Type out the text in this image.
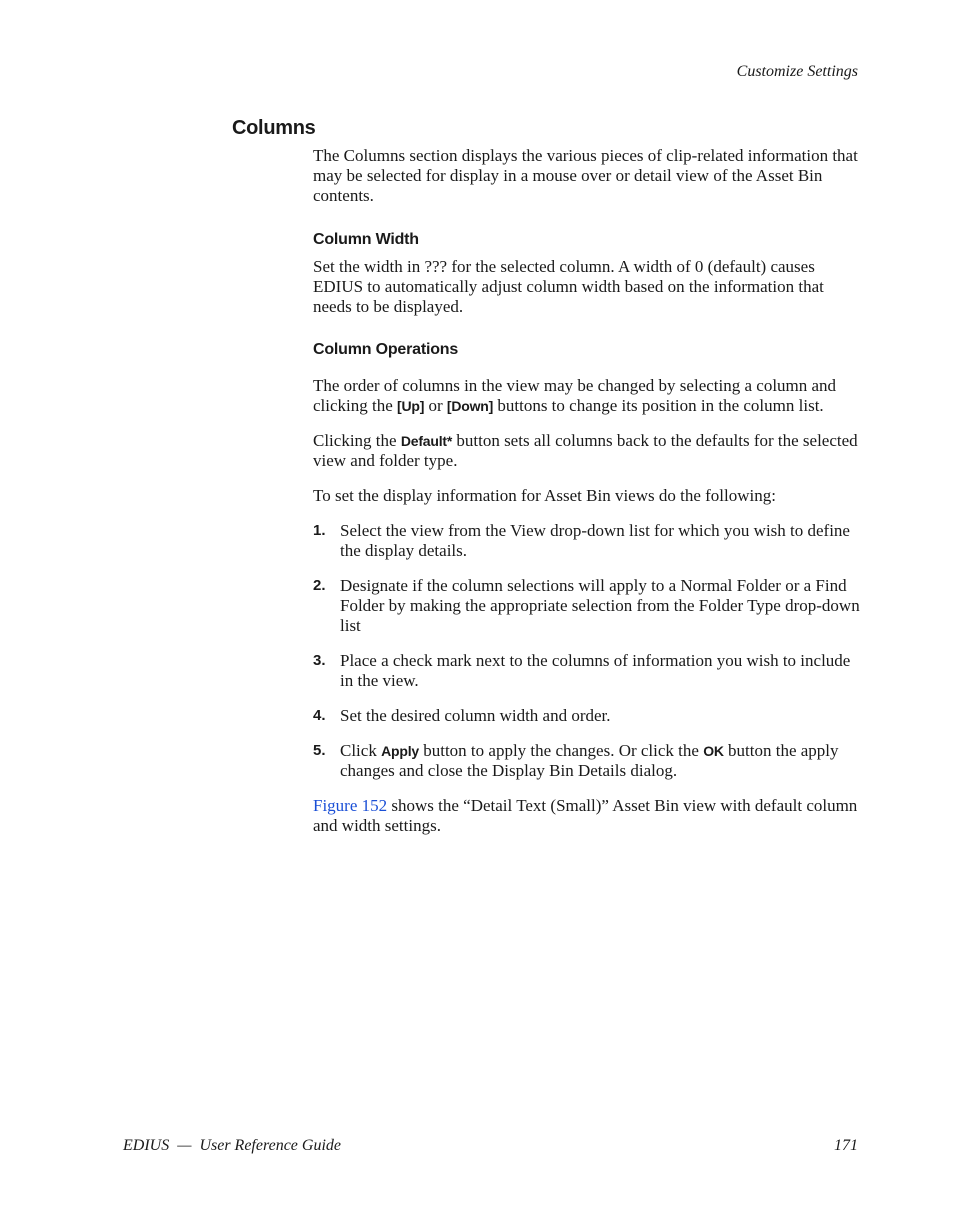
Customize Settings
Columns

The Columns section displays the various pieces of clip-related information that may be selected for display in a mouse over or detail view of the Asset Bin contents.

Column Width

Set the width in ??? for the selected column. A width of 0 (default) causes EDIUS to automatically adjust column width based on the information that needs to be displayed.

Column Operations

The order of columns in the view may be changed by selecting a column and clicking the [Up] or [Down] buttons to change its position in the column list.

Clicking the Default* button sets all columns back to the defaults for the selected view and folder type.

To set the display information for Asset Bin views do the following:

1. Select the view from the View drop-down list for which you wish to define the display details.
2. Designate if the column selections will apply to a Normal Folder or a Find Folder by making the appropriate selection from the Folder Type drop-down list
3. Place a check mark next to the columns of information you wish to include in the view.
4. Set the desired column width and order.
5. Click Apply button to apply the changes. Or click the OK button the apply changes and close the Display Bin Details dialog.

Figure 152 shows the “Detail Text (Small)” Asset Bin view with default column and width settings.

EDIUS  —  User Reference Guide	171
